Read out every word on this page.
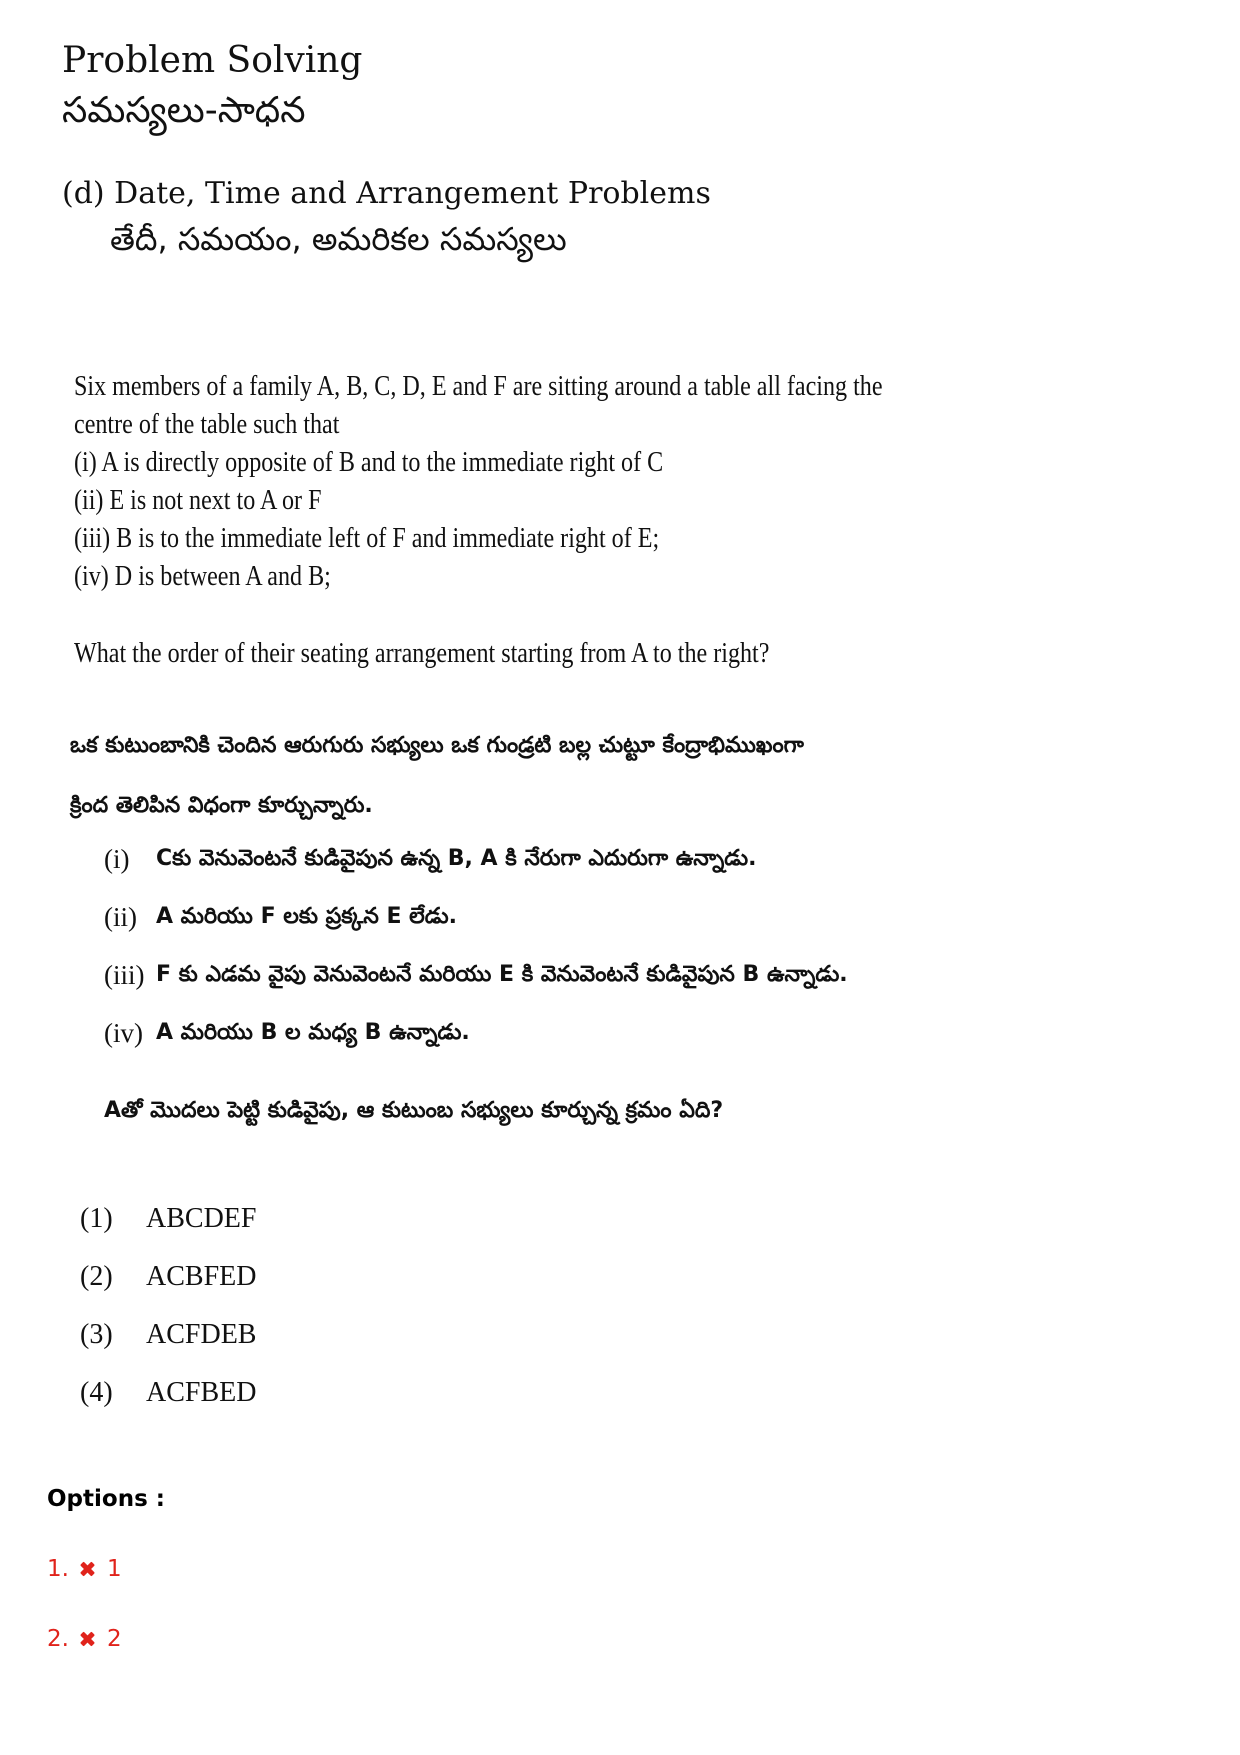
Problem Solving
సమస్యలు-సాధన
(d) Date, Time and Arrangement Problems
తేదీ, సమయం, అమరికల సమస్యలు
Six members of a family A, B, C, D, E and F are sitting around a table all facing the
centre of the table such that
(i) A is directly opposite of B and to the immediate right of C
(ii) E is not next to A or F
(iii) B is to the immediate left of F and immediate right of E;
(iv) D is between A and B;
What the order of their seating arrangement starting from A to the right?
ఒక కుటుంబానికి చెందిన ఆరుగురు సభ్యులు ఒక గుండ్రటి బల్ల చుట్టూ కేంద్రాభిముఖంగా
క్రింద తెలిపిన విధంగా కూర్చున్నారు.
(i)	Cకు వెనువెంటనే కుడివైపున ఉన్న B, A కి నేరుగా ఎదురుగా ఉన్నాడు.
(ii) A మరియు F లకు ప్రక్కన E లేడు.
(iii) F కు ఎడమ వైపు వెనువెంటనే మరియు E కి వెనువెంటనే కుడివైపున B ఉన్నాడు.
(iv) A మరియు B ల మధ్య B ఉన్నాడు.
Aతో మొదలు పెట్టి కుడివైపు, ఆ కుటుంబ సభ్యులు కూర్చున్న క్రమం ఏది?
(1)	ABCDEF
(2)	ACBFED
(3)	ACFDEB
(4)	ACFBED
Options :
1. 1
2. 2
